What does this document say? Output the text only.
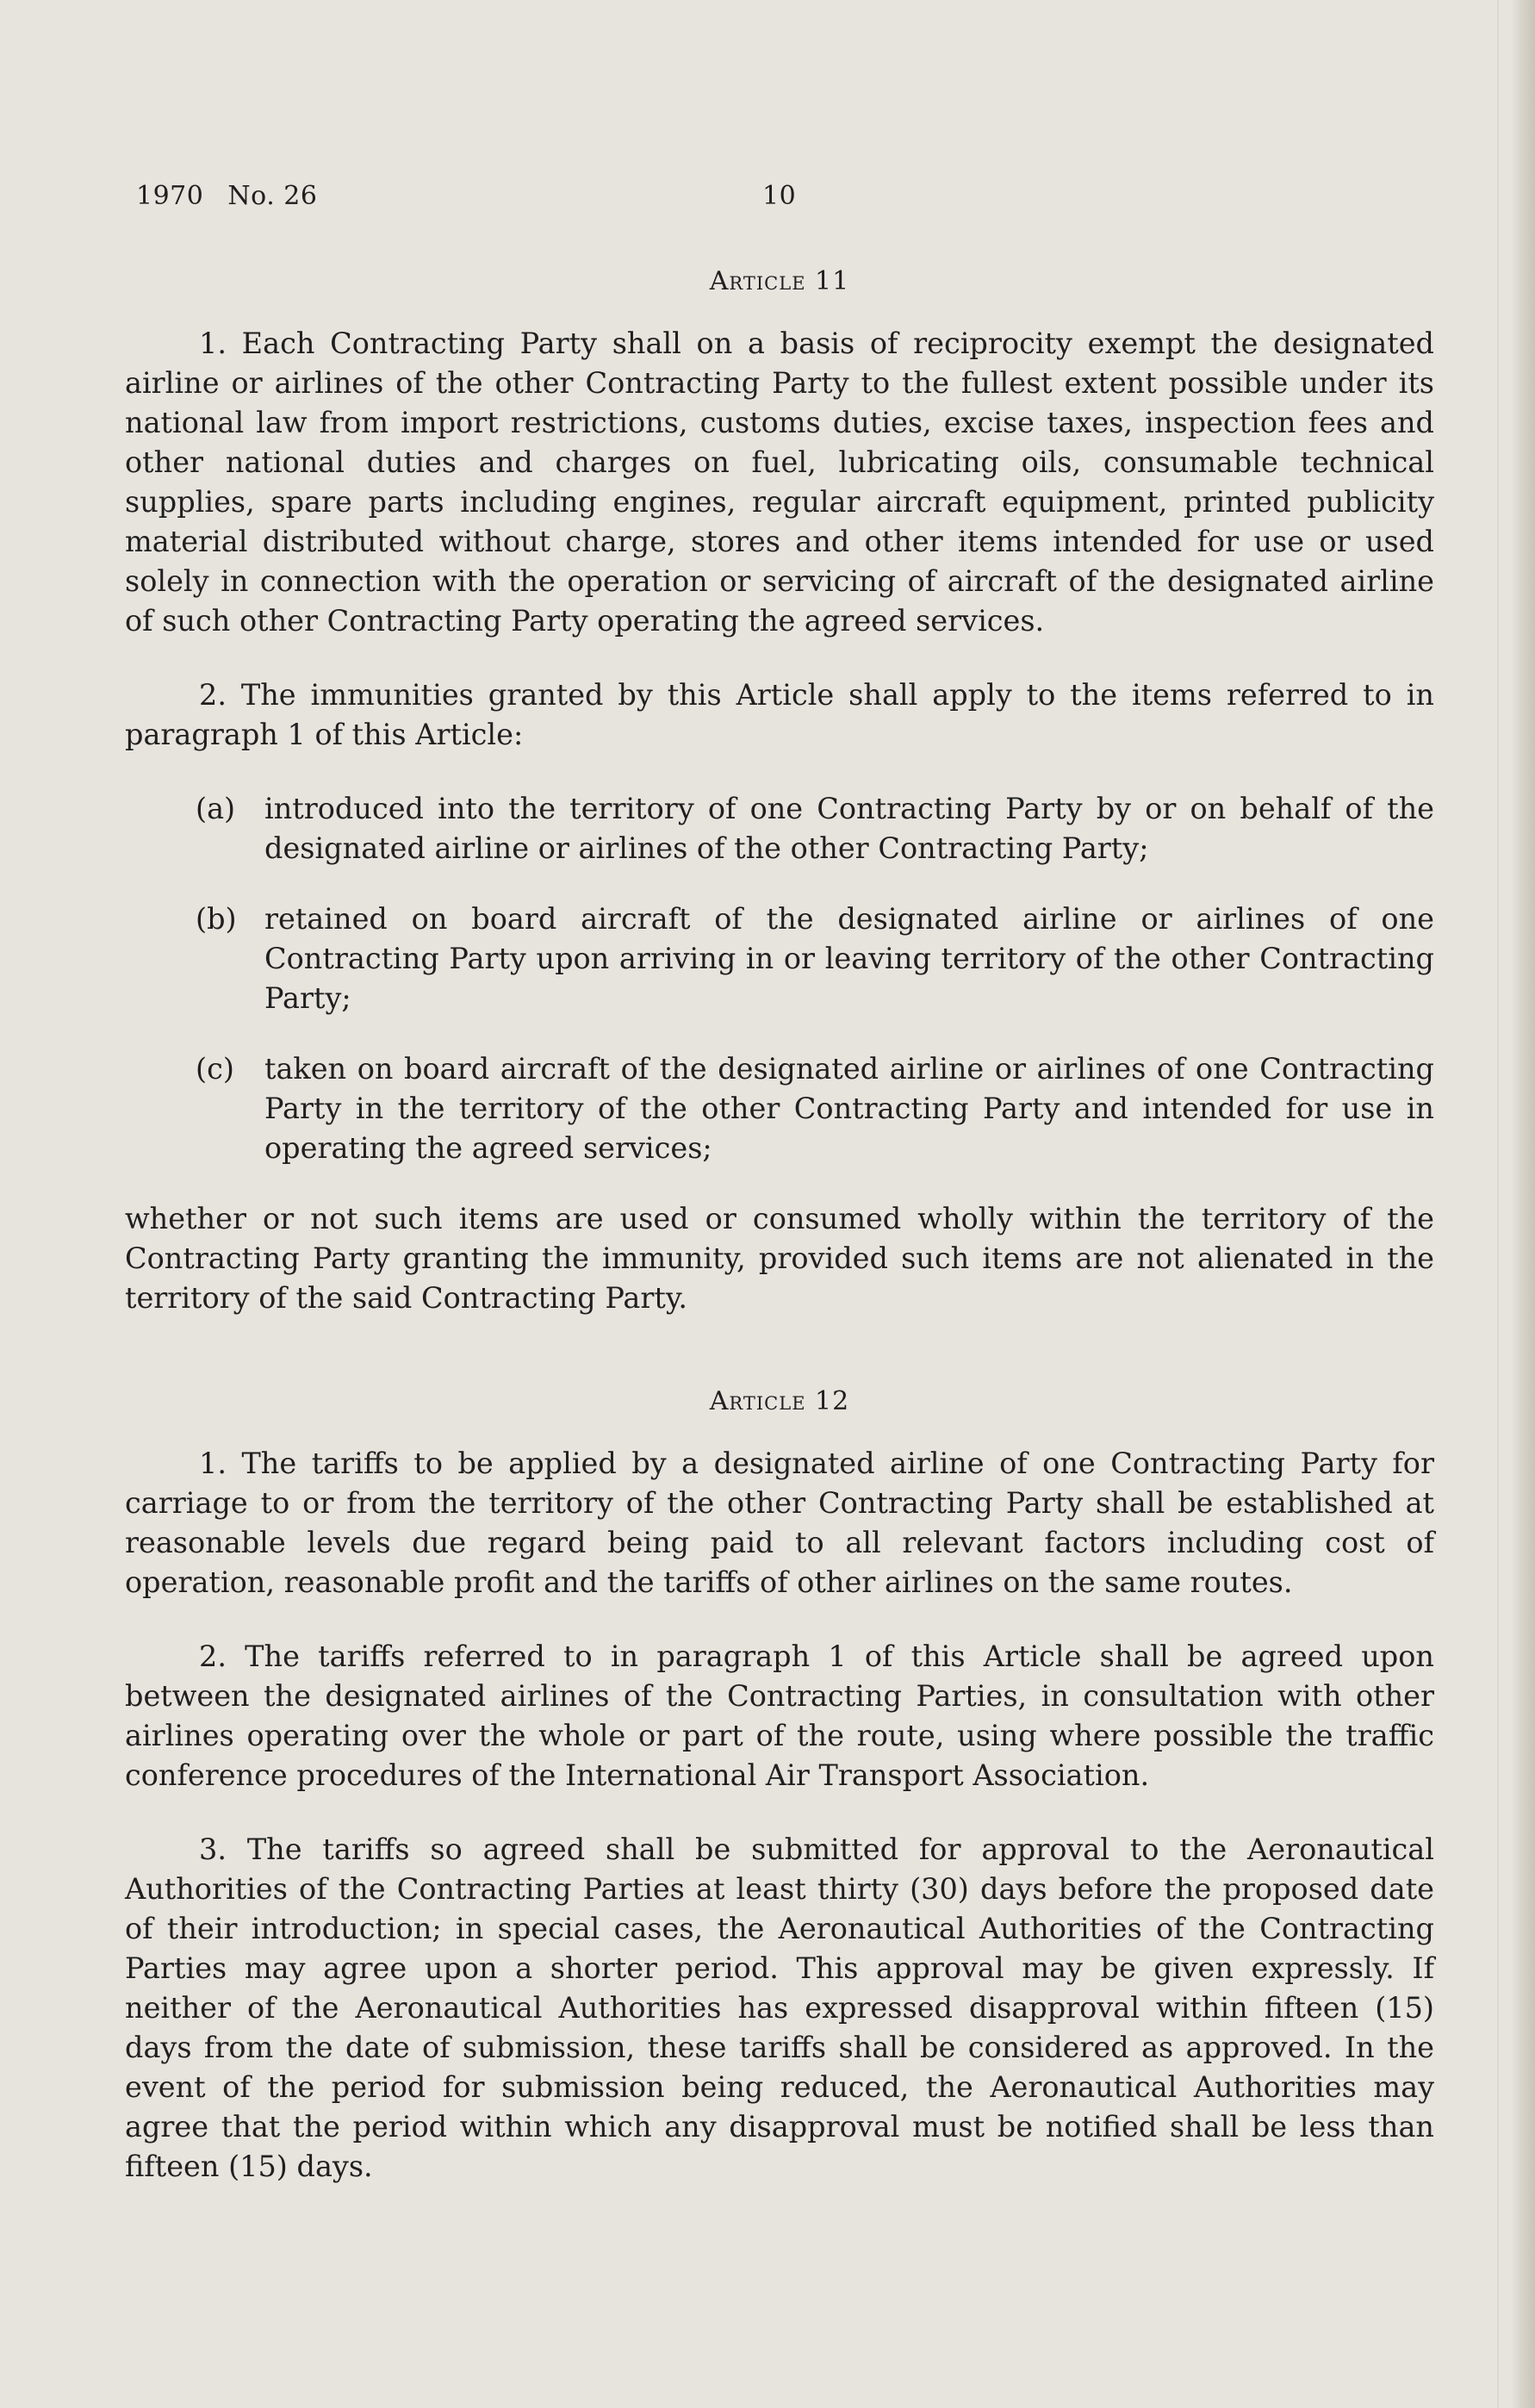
1970 No. 26	10
Article 11

1. Each Contracting Party shall on a basis of reciprocity exempt the designated airline or airlines of the other Contracting Party to the fullest extent possible under its national law from import restrictions, customs duties, excise taxes, inspection fees and other national duties and charges on fuel, lubricating oils, consumable technical supplies, spare parts including engines, regular aircraft equipment, printed publicity material distributed without charge, stores and other items intended for use or used solely in connection with the operation or servicing of aircraft of the designated airline of such other Contracting Party operating the agreed services.

2. The immunities granted by this Article shall apply to the items referred to in paragraph 1 of this Article:

(a)	introduced into the territory of one Contracting Party by or on behalf of the designated airline or airlines of the other Contracting Party;
(b) retained on board aircraft of the designated airline or airlines of one Contracting Party upon arriving in or leaving territory of the other Contracting Party;
(c)	taken on board aircraft of the designated airline or airlines of one Contracting Party in the territory of the other Contracting Party and intended for use in operating the agreed services;

whether or not such items are used or consumed wholly within the territory of the Contracting Party granting the immunity, provided such items are not alienated in the territory of the said Contracting Party.

Article 12

1. The tariffs to be applied by a designated airline of one Contracting Party for carriage to or from the territory of the other Contracting Party shall be established at reasonable levels due regard being paid to all relevant factors including cost of operation, reasonable profit and the tariffs of other airlines on the same routes.

2. The tariffs referred to in paragraph 1 of this Article shall be agreed upon between the designated airlines of the Contracting Parties, in consultation with other airlines operating over the whole or part of the route, using where possible the traffic conference procedures of the International Air Transport Association.

3. The tariffs so agreed shall be submitted for approval to the Aeronautical Authorities of the Contracting Parties at least thirty (30) days before the proposed date of their introduction; in special cases, the Aeronautical Authorities of the Contracting Parties may agree upon a shorter period. This approval may be given expressly. If neither of the Aeronautical Authorities has expressed disapproval within fifteen (15) days from the date of submission, these tariffs shall be considered as approved. In the event of the period for submission being reduced, the Aeronautical Authorities may agree that the period within which any disapproval must be notified shall be less than fifteen (15) days.
